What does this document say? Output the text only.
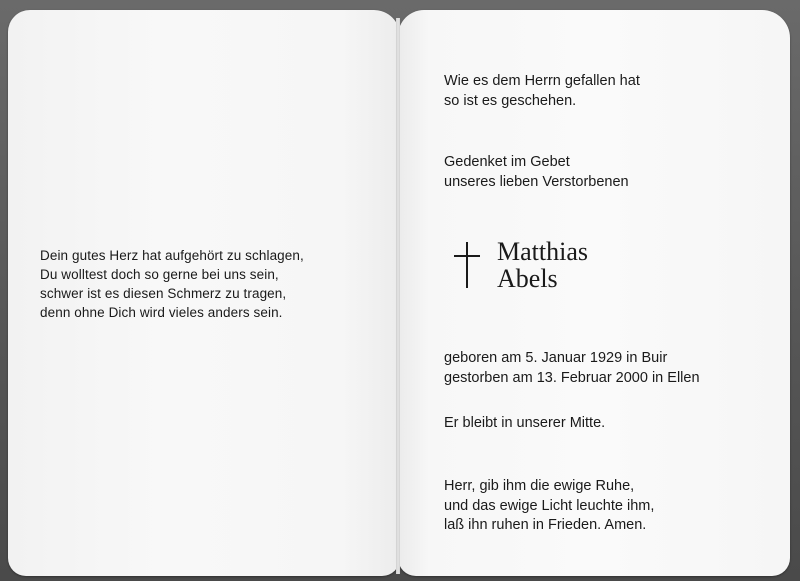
Dein gutes Herz hat aufgehört zu schlagen,
Du wolltest doch so gerne bei uns sein,
schwer ist es diesen Schmerz zu tragen,
denn ohne Dich wird vieles anders sein.
Wie es dem Herrn gefallen hat
so ist es geschehen.
Gedenket im Gebet
unseres lieben Verstorbenen
Matthias
Abels
geboren am 5. Januar 1929 in Buir
gestorben am 13. Februar 2000 in Ellen
Er bleibt in unserer Mitte.
Herr, gib ihm die ewige Ruhe,
und das ewige Licht leuchte ihm,
laß ihn ruhen in Frieden. Amen.
